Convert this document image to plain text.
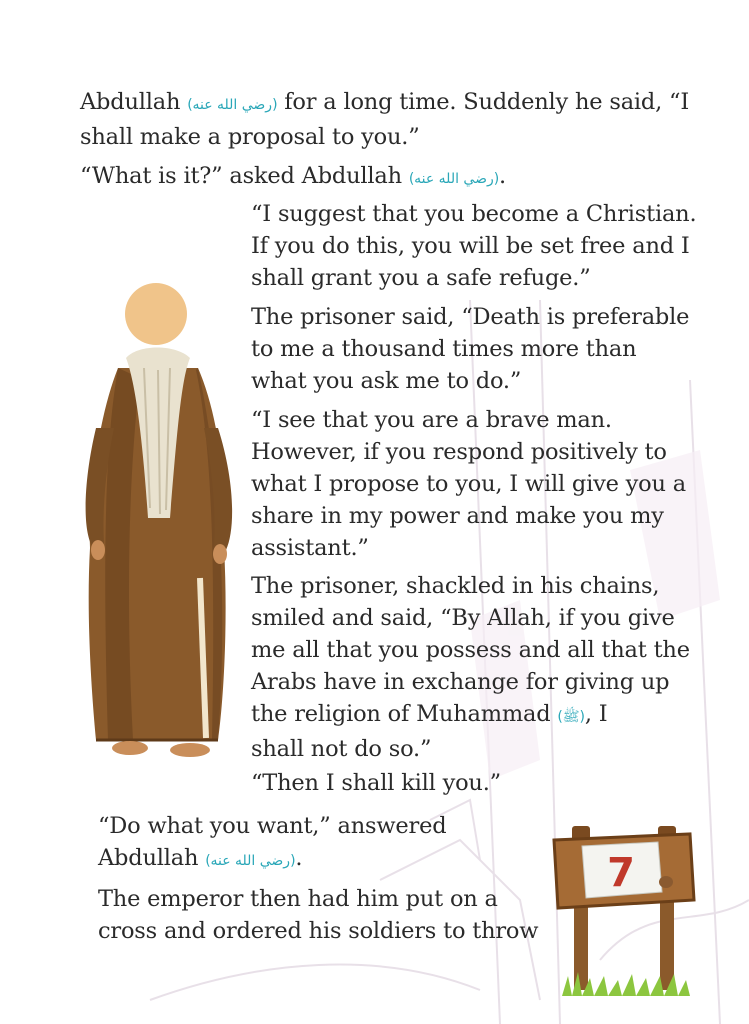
Abdullah (رضي الله عنه) for a long time. Suddenly he said, “I
shall make a proposal to you.”
“What is it?” asked Abdullah (رضي الله عنه).
“I suggest that you become a Christian.
If you do this, you will be set free and I
shall grant you a safe refuge.”
The prisoner said, “Death is preferable
to me a thousand times more than
what you ask me to do.”
“I see that you are a brave man.
However, if you respond positively to
what I propose to you, I will give you a
share in my power and make you my
assistant.”
The prisoner, shackled in his chains,
smiled and said, “By Allah, if you give
me all that you possess and all that the
Arabs have in exchange for giving up
the religion of Muhammad (ﷺ), I
shall not do so.”
“Then I shall kill you.”
“Do what you want,” answered
Abdullah (رضي الله عنه).
The emperor then had him put on a
cross and ordered his soldiers to throw
7
